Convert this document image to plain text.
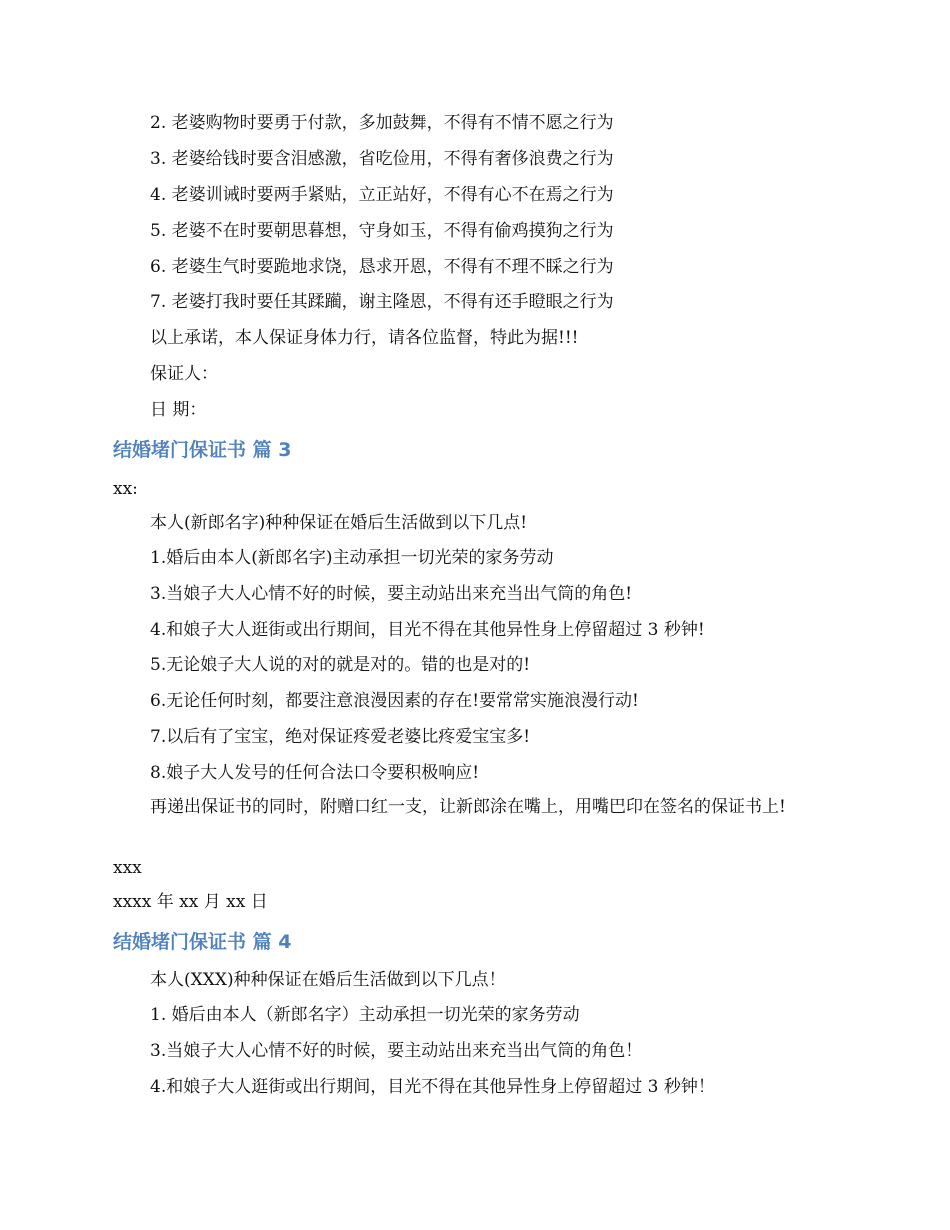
2. 老婆购物时要勇于付款，多加鼓舞，不得有不情不愿之行为

3. 老婆给钱时要含泪感激，省吃俭用，不得有奢侈浪费之行为

4. 老婆训诫时要两手紧贴，立正站好，不得有心不在焉之行为

5. 老婆不在时要朝思暮想，守身如玉，不得有偷鸡摸狗之行为

6. 老婆生气时要跪地求饶，恳求开恩，不得有不理不睬之行为

7. 老婆打我时要任其蹂躏，谢主隆恩，不得有还手瞪眼之行为

以上承诺，本人保证身体力行，请各位监督，特此为据!!!

保证人：

日 期：

结婚堵门保证书 篇 3

xx:

本人(新郎名字)种种保证在婚后生活做到以下几点!

1.婚后由本人(新郎名字)主动承担一切光荣的家务劳动

3.当娘子大人心情不好的时候，要主动站出来充当出气筒的角色!

4.和娘子大人逛街或出行期间，目光不得在其他异性身上停留超过 3 秒钟!

5.无论娘子大人说的对的就是对的。错的也是对的!

6.无论任何时刻，都要注意浪漫因素的存在!要常常实施浪漫行动!

7.以后有了宝宝，绝对保证疼爱老婆比疼爱宝宝多!

8.娘子大人发号的任何合法口令要积极响应!

再递出保证书的同时，附赠口红一支，让新郎涂在嘴上，用嘴巴印在签名的保证书上!

xxx

xxxx 年 xx 月 xx 日

结婚堵门保证书 篇 4

本人(XXX)种种保证在婚后生活做到以下几点！

1. 婚后由本人（新郎名字）主动承担一切光荣的家务劳动

3.当娘子大人心情不好的时候，要主动站出来充当出气筒的角色！

4.和娘子大人逛街或出行期间，目光不得在其他异性身上停留超过 3 秒钟！
